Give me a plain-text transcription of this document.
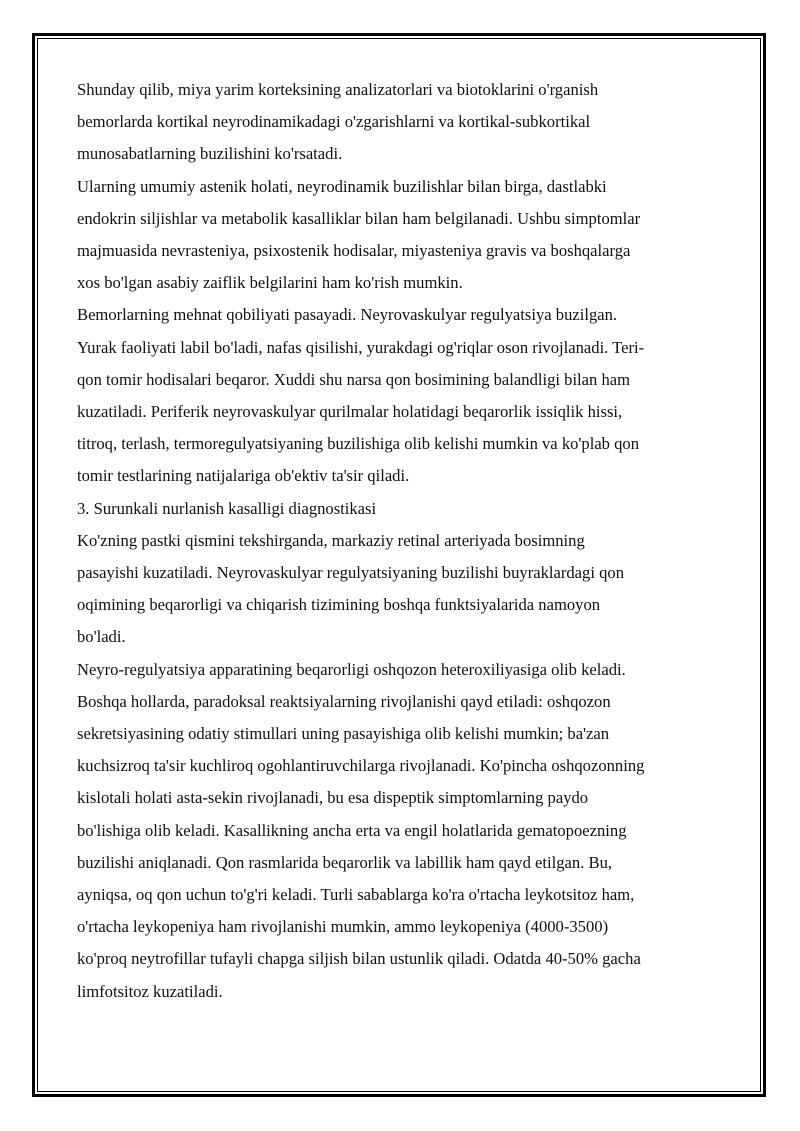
Shunday qilib, miya yarim korteksining analizatorlari va biotoklarini o'rganish
bemorlarda kortikal neyrodinamikadagi o'zgarishlarni va kortikal-subkortikal
munosabatlarning buzilishini ko'rsatadi.
Ularning umumiy astenik holati, neyrodinamik buzilishlar bilan birga, dastlabki
endokrin siljishlar va metabolik kasalliklar bilan ham belgilanadi. Ushbu simptomlar
majmuasida nevrasteniya, psixostenik hodisalar, miyasteniya gravis va boshqalarga
xos bo'lgan asabiy zaiflik belgilarini ham ko'rish mumkin.
Bemorlarning mehnat qobiliyati pasayadi. Neyrovaskulyar regulyatsiya buzilgan.
Yurak faoliyati labil bo'ladi, nafas qisilishi, yurakdagi og'riqlar oson rivojlanadi. Teri-
qon tomir hodisalari beqaror. Xuddi shu narsa qon bosimining balandligi bilan ham
kuzatiladi. Periferik neyrovaskulyar qurilmalar holatidagi beqarorlik issiqlik hissi,
titroq, terlash, termoregulyatsiyaning buzilishiga olib kelishi mumkin va ko'plab qon
tomir testlarining natijalariga ob'ektiv ta'sir qiladi.
3. Surunkali nurlanish kasalligi diagnostikasi
Ko'zning pastki qismini tekshirganda, markaziy retinal arteriyada bosimning
pasayishi kuzatiladi. Neyrovaskulyar regulyatsiyaning buzilishi buyraklardagi qon
oqimining beqarorligi va chiqarish tizimining boshqa funktsiyalarida namoyon
bo'ladi.
Neyro-regulyatsiya apparatining beqarorligi oshqozon heteroxiliyasiga olib keladi.
Boshqa hollarda, paradoksal reaktsiyalarning rivojlanishi qayd etiladi: oshqozon
sekretsiyasining odatiy stimullari uning pasayishiga olib kelishi mumkin; ba'zan
kuchsizroq ta'sir kuchliroq ogohlantiruvchilarga rivojlanadi. Ko'pincha oshqozonning
kislotali holati asta-sekin rivojlanadi, bu esa dispeptik simptomlarning paydo
bo'lishiga olib keladi. Kasallikning ancha erta va engil holatlarida gematopoezning
buzilishi aniqlanadi. Qon rasmlarida beqarorlik va labillik ham qayd etilgan. Bu,
ayniqsa, oq qon uchun to'g'ri keladi. Turli sabablarga ko'ra o'rtacha leykotsitoz ham,
o'rtacha leykopeniya ham rivojlanishi mumkin, ammo leykopeniya (4000-3500)
ko'proq neytrofillar tufayli chapga siljish bilan ustunlik qiladi. Odatda 40-50% gacha
limfotsitoz kuzatiladi.
